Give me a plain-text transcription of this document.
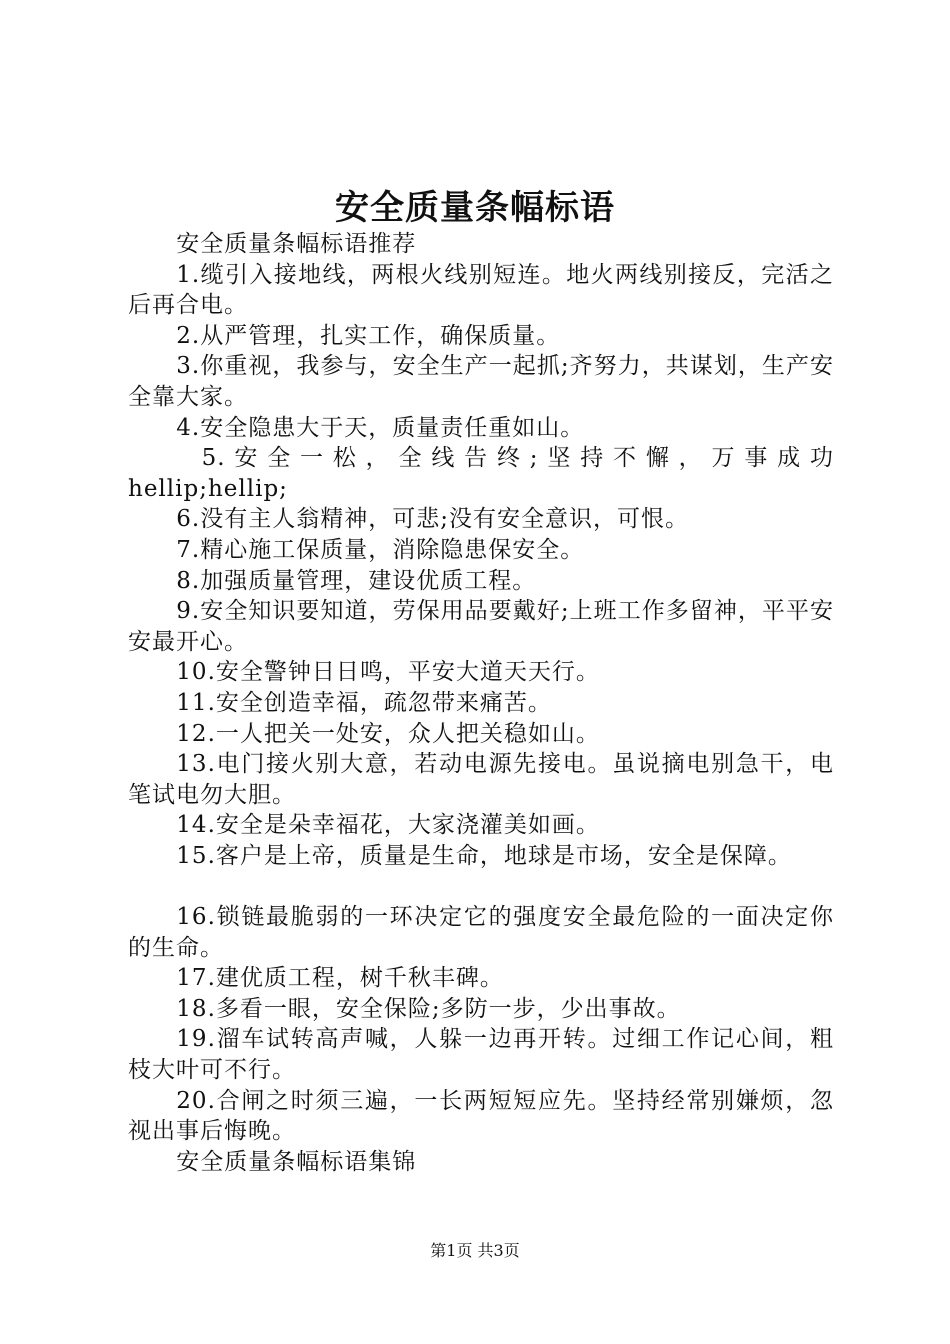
安全质量条幅标语

安全质量条幅标语推荐

1.缆引入接地线，两根火线别短连。地火两线别接反，完活之后再合电。

2.从严管理，扎实工作，确保质量。

3.你重视，我参与，安全生产一起抓;齐努力，共谋划，生产安全靠大家。

4.安全隐患大于天，质量责任重如山。

5.安全一松，全线告终;坚持不懈，万事成功

hellip;hellip;

6.没有主人翁精神，可悲;没有安全意识，可恨。

7.精心施工保质量，消除隐患保安全。

8.加强质量管理，建设优质工程。

9.安全知识要知道，劳保用品要戴好;上班工作多留神，平平安安最开心。

10.安全警钟日日鸣，平安大道天天行。

11.安全创造幸福，疏忽带来痛苦。

12.一人把关一处安，众人把关稳如山。

13.电门接火别大意，若动电源先接电。虽说摘电别急干，电笔试电勿大胆。

14.安全是朵幸福花，大家浇灌美如画。

15.客户是上帝，质量是生命，地球是市场，安全是保障。

16.锁链最脆弱的一环决定它的强度安全最危险的一面决定你的生命。

17.建优质工程，树千秋丰碑。

18.多看一眼，安全保险;多防一步，少出事故。

19.溜车试转高声喊，人躲一边再开转。过细工作记心间，粗枝大叶可不行。

20.合闸之时须三遍，一长两短短应先。坚持经常别嫌烦，忽视出事后悔晚。

安全质量条幅标语集锦

第1页 共3页
